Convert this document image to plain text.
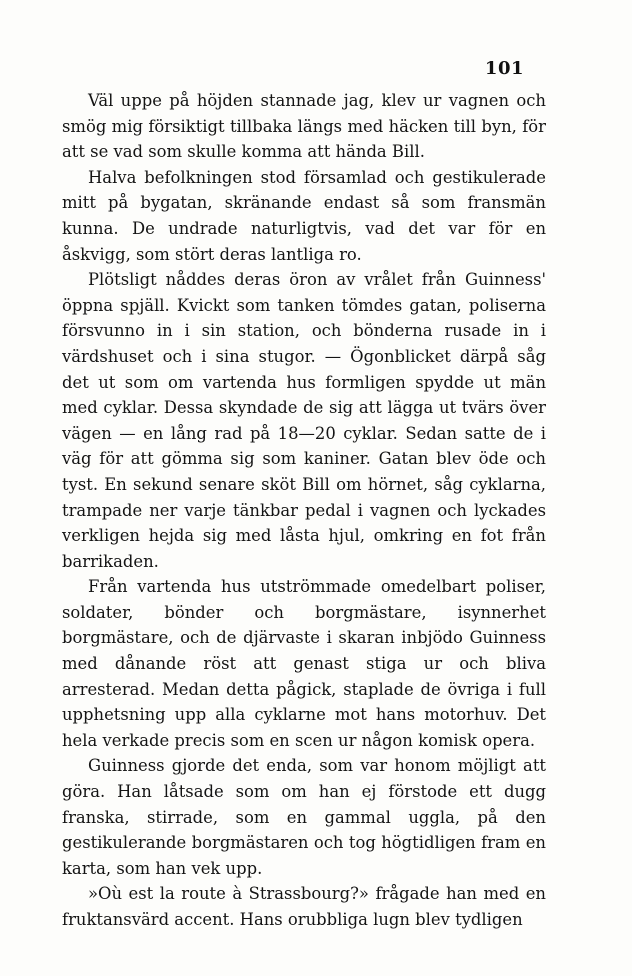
101

Väl uppe på höjden stannade jag, klev ur vagnen och smög mig försiktigt tillbaka längs med häcken till byn, för att se vad som skulle komma att hända Bill.

Halva befolkningen stod församlad och gestikulerade mitt på bygatan, skränande endast så som fransmän kunna. De undrade naturligtvis, vad det var för en åskvigg, som stört deras lantliga ro.

Plötsligt nåddes deras öron av vrålet från Guinness' öppna spjäll. Kvickt som tanken tömdes gatan, poliserna försvunno in i sin station, och bönderna rusade in i värdshuset och i sina stugor. — Ögonblicket därpå såg det ut som om vartenda hus formligen spydde ut män med cyklar. Dessa skyndade de sig att lägga ut tvärs över vägen — en lång rad på 18—20 cyklar. Sedan satte de i väg för att gömma sig som kaniner. Gatan blev öde och tyst. En sekund senare sköt Bill om hörnet, såg cyklarna, trampade ner varje tänkbar pedal i vagnen och lyckades verkligen hejda sig med låsta hjul, omkring en fot från barrikaden.

Från vartenda hus utströmmade omedelbart poliser, soldater, bönder och borgmästare, isynnerhet borgmästare, och de djärvaste i skaran inbjödo Guinness med dånande röst att genast stiga ur och bliva arresterad. Medan detta pågick, staplade de övriga i full upphetsning upp alla cyklarne mot hans motorhuv. Det hela verkade precis som en scen ur någon komisk opera.

Guinness gjorde det enda, som var honom möjligt att göra. Han låtsade som om han ej förstode ett dugg franska, stirrade, som en gammal uggla, på den gestikulerande borgmästaren och tog högtidligen fram en karta, som han vek upp.

»Où est la route à Strassbourg?» frågade han med en fruktansvärd accent. Hans orubbliga lugn blev tydligen
